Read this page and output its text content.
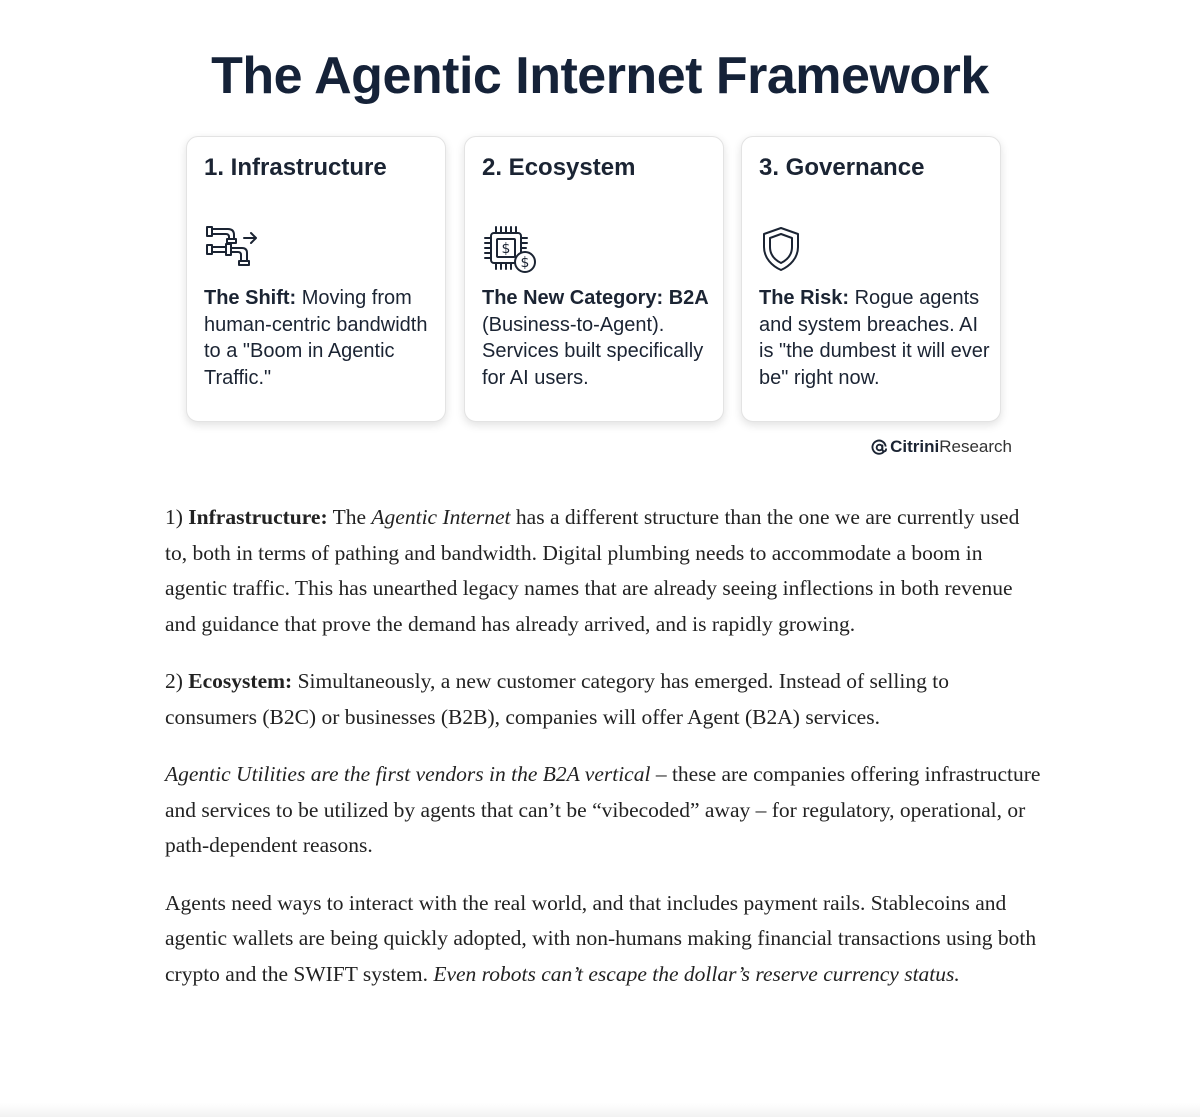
The Agentic Internet Framework
1. Infrastructure
The Shift: Moving from human-centric bandwidth to a "Boom in Agentic Traffic."
2. Ecosystem
$
$
The New Category: B2A (Business-to-Agent). Services built specifically for AI users.
3. Governance
The Risk: Rogue agents and system breaches. AI is "the dumbest it will ever be" right now.
Citrini Research

1) Infrastructure: The Agentic Internet has a different structure than the one we are currently used to, both in terms of pathing and bandwidth. Digital plumbing needs to accommodate a boom in agentic traffic. This has unearthed legacy names that are already seeing inflections in both revenue and guidance that prove the demand has already arrived, and is rapidly growing.

2) Ecosystem: Simultaneously, a new customer category has emerged. Instead of selling to consumers (B2C) or businesses (B2B), companies will offer Agent (B2A) services.

Agentic Utilities are the first vendors in the B2A vertical – these are companies offering infrastructure and services to be utilized by agents that can’t be “vibecoded” away – for regulatory, operational, or path-dependent reasons.

Agents need ways to interact with the real world, and that includes payment rails. Stablecoins and agentic wallets are being quickly adopted, with non-humans making financial transactions using both crypto and the SWIFT system. Even robots can’t escape the dollar’s reserve currency status.
